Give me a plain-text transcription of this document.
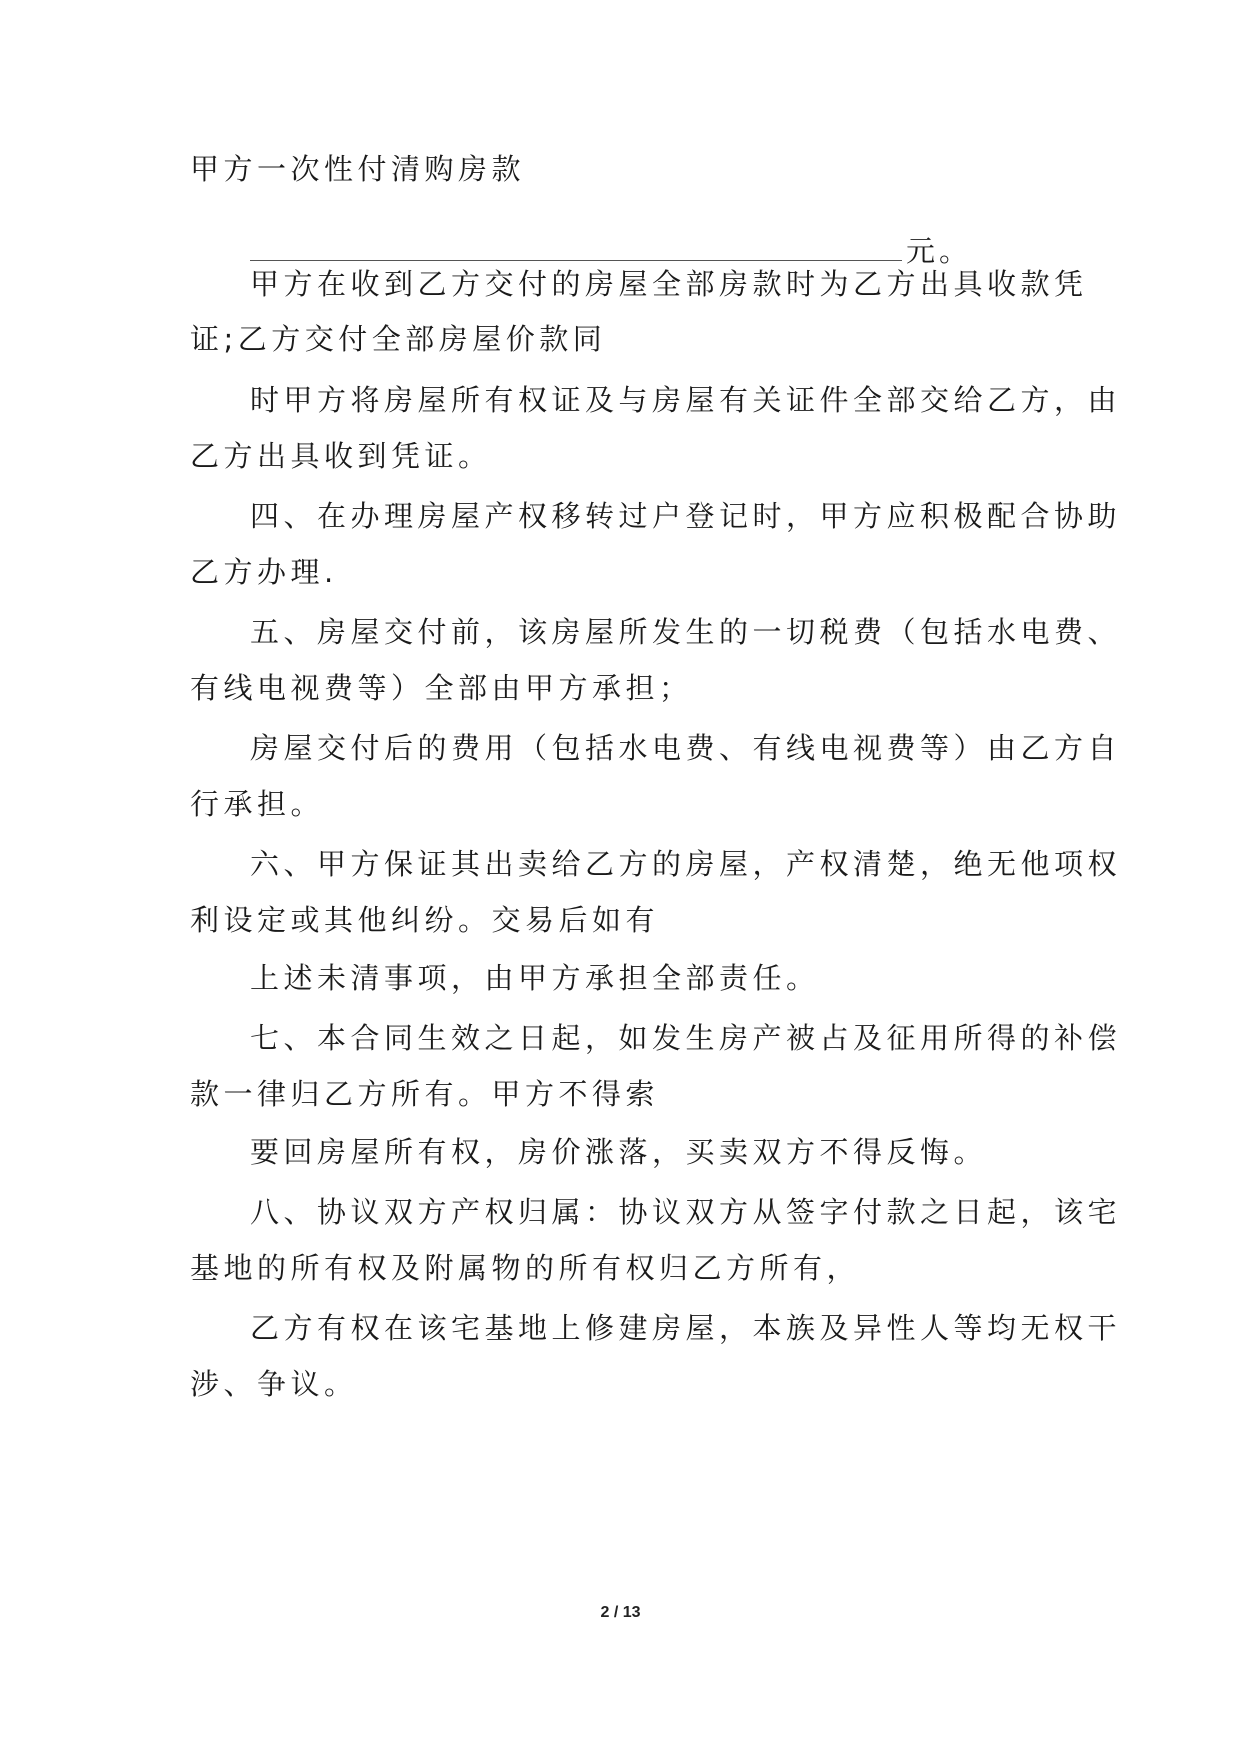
甲方一次性付清购房款
元。
甲方在收到乙方交付的房屋全部房款时为乙方出具收款凭
证;乙方交付全部房屋价款同
时甲方将房屋所有权证及与房屋有关证件全部交给乙方，由
乙方出具收到凭证。
四、在办理房屋产权移转过户登记时，甲方应积极配合协助
乙方办理.
五、房屋交付前，该房屋所发生的一切税费（包括水电费、
有线电视费等）全部由甲方承担；
房屋交付后的费用（包括水电费、有线电视费等）由乙方自
行承担。
六、甲方保证其出卖给乙方的房屋，产权清楚，绝无他项权
利设定或其他纠纷。交易后如有
上述未清事项，由甲方承担全部责任。
七、本合同生效之日起，如发生房产被占及征用所得的补偿
款一律归乙方所有。甲方不得索
要回房屋所有权，房价涨落，买卖双方不得反悔。
八、协议双方产权归属：协议双方从签字付款之日起，该宅
基地的所有权及附属物的所有权归乙方所有，
乙方有权在该宅基地上修建房屋，本族及异性人等均无权干
涉、争议。
2 / 13
